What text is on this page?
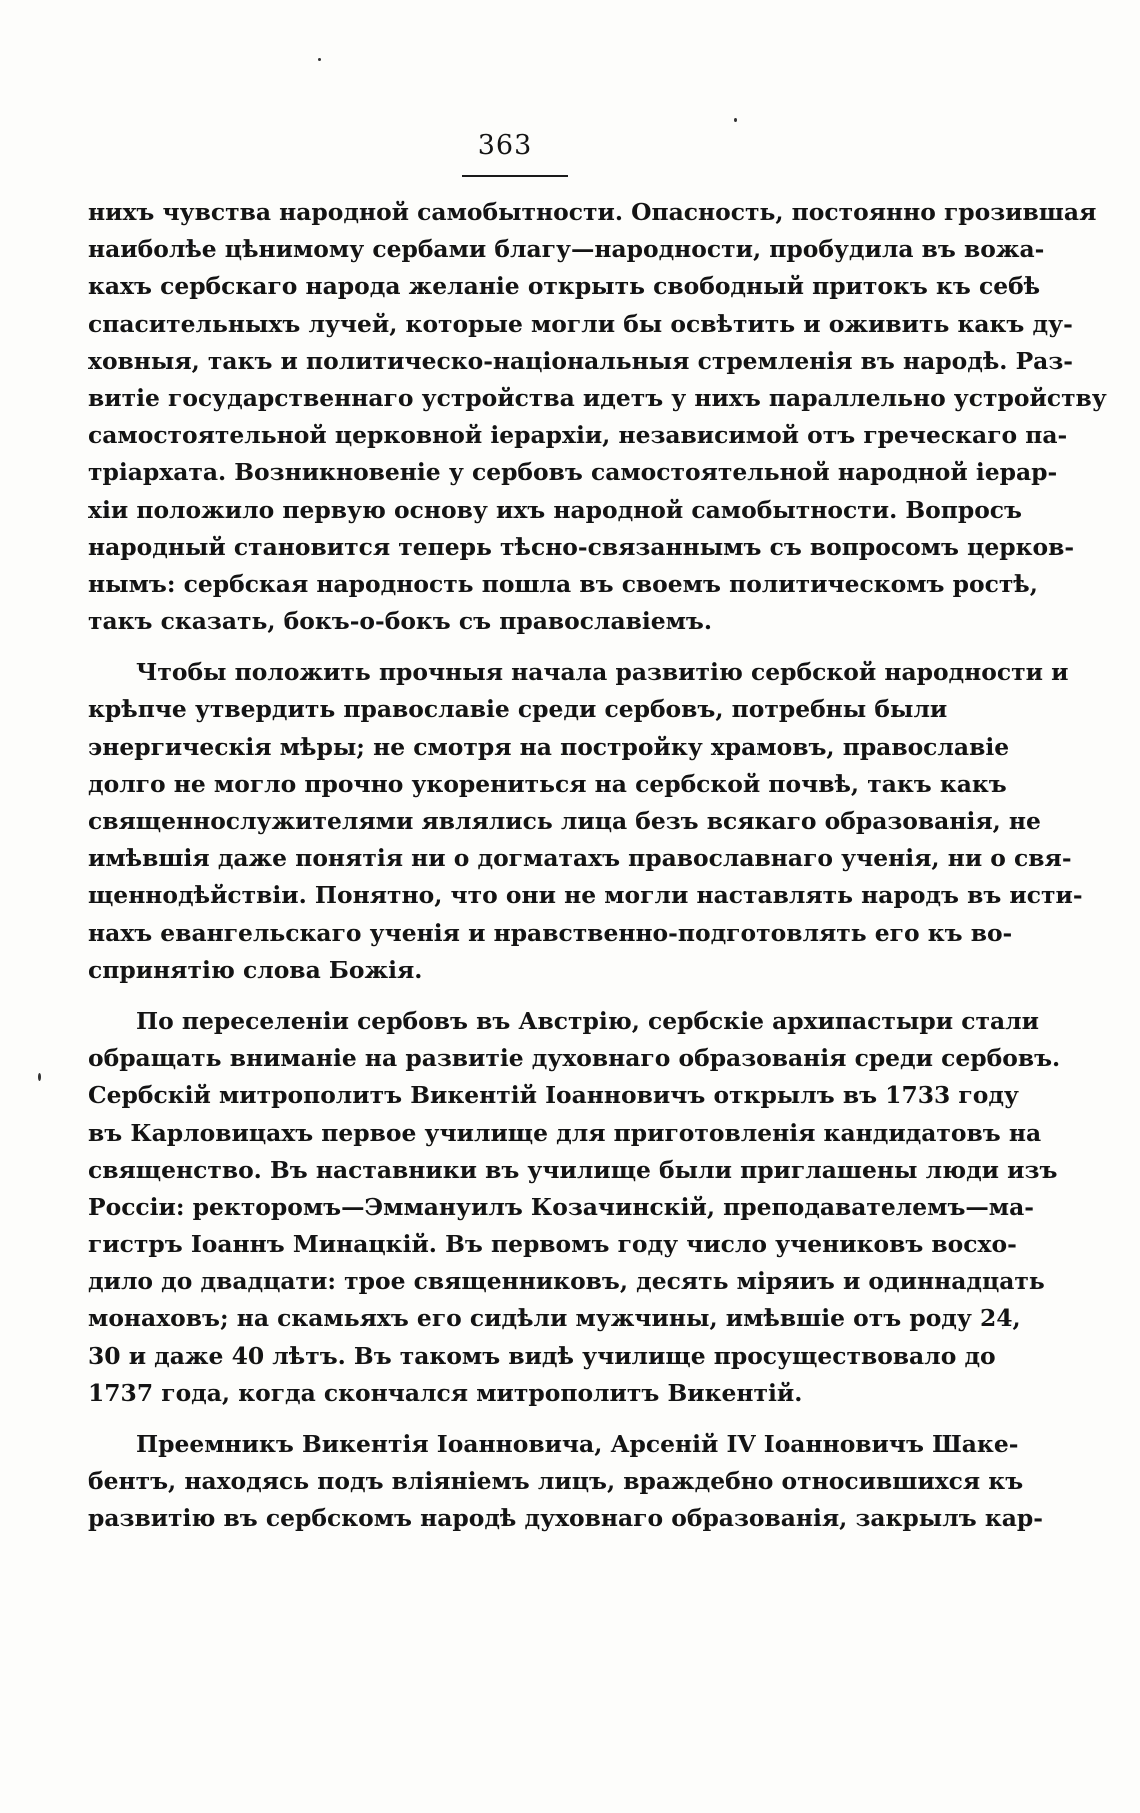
363
нихъ чувства народной самобытности. Опасность, постоянно грозившая
наиболѣе цѣнимому сербами благу—народности, пробудила въ вожа-
кахъ сербскаго народа желаніе открыть свободный притокъ къ себѣ
спасительныхъ лучей, которые могли бы освѣтить и оживить какъ ду-
ховныя, такъ и политическо-національныя стремленія въ народѣ. Раз-
витіе государственнаго устройства идетъ у нихъ параллельно устройству
самостоятельной церковной іерархіи, независимой отъ греческаго па-
тріархата. Возникновеніе у сербовъ самостоятельной народной іерар-
хіи положило первую основу ихъ народной самобытности. Вопросъ
народный становится теперь тѣсно-связаннымъ съ вопросомъ церков-
нымъ: сербская народность пошла въ своемъ политическомъ ростѣ,
такъ сказать, бокъ-о-бокъ съ православіемъ.
Чтобы положить прочныя начала развитію сербской народности и
крѣпче утвердить православіе среди сербовъ, потребны были
энергическія мѣры; не смотря на постройку храмовъ, православіе
долго не могло прочно укорениться на сербской почвѣ, такъ какъ
священнослужителями являлись лица безъ всякаго образованія, не
имѣвшія даже понятія ни о догматахъ православнаго ученія, ни о свя-
щеннодѣйствіи. Понятно, что они не могли наставлять народъ въ исти-
нахъ евангельскаго ученія и нравственно-подготовлять его къ во-
спринятію слова Божія.
По переселеніи сербовъ въ Австрію, сербскіе архипастыри стали
обращать вниманіе на развитіе духовнаго образованія среди сербовъ.
Сербскій митрополитъ Викентій Іоанновичъ открылъ въ 1733 году
въ Карловицахъ первое училище для приготовленія кандидатовъ на
священство. Въ наставники въ училище были приглашены люди изъ
Россіи: ректоромъ—Эммануилъ Козачинскій, преподавателемъ—ма-
гистръ Іоаннъ Минацкій. Въ первомъ году число учениковъ восхо-
дило до двадцати: трое священниковъ, десять міряиъ и одиннадцать
монаховъ; на скамьяхъ его сидѣли мужчины, имѣвшіе отъ роду 24,
30 и даже 40 лѣтъ. Въ такомъ видѣ училище просуществовало до
1737 года, когда скончался митрополитъ Викентій.
Преемникъ Викентія Іоанновича, Арсеній IV Іоанновичъ Шаке-
бентъ, находясь подъ вліяніемъ лицъ, враждебно относившихся къ
развитію въ сербскомъ народѣ духовнаго образованія, закрылъ кар-
